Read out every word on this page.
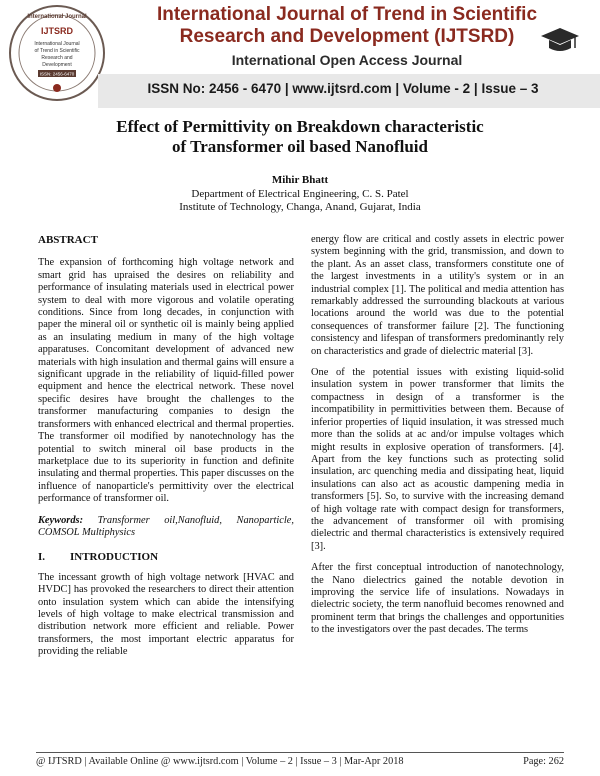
International Journal
IJTSRD
International Journal
of Trend in Scientific
Research and
Development
ISSN: 2456-6470
International Journal of Trend in Scientific
Research and Development (IJTSRD)
International Open Access Journal
ISSN No: 2456 - 6470 | www.ijtsrd.com | Volume - 2 | Issue – 3
Effect of Permittivity on Breakdown characteristic
of Transformer oil based Nanofluid
Mihir Bhatt
Department of Electrical Engineering, C. S. Patel
Institute of Technology, Changa, Anand, Gujarat, India
ABSTRACT

The expansion of forthcoming high voltage network and smart grid has upraised the desires on reliability and performance of insulating materials used in electrical power system to deal with more vigorous and volatile operating conditions. Since from long decades, in conjunction with paper the mineral oil or synthetic oil is mainly being applied as an insulating medium in many of the high voltage apparatuses. Concomitant development of advanced new materials with high insulation and thermal gains will ensure a significant upgrade in the reliability of liquid-filled power equipment and hence the electrical network. These novel specific desires have brought the challenges to the transformer manufacturing companies to design the transformers with enhanced electrical and thermal properties. The transformer oil modified by nanotechnology has the potential to switch mineral oil base products in the marketplace due to its superiority in function and definite insulating and thermal properties. This paper discusses on the influence of nanoparticle's permittivity over the electrical performance of transformer oil.

Keywords: Transformer oil,Nanofluid, Nanoparticle, COMSOL Multiphysics
I. INTRODUCTION

The incessant growth of high voltage network [HVAC and HVDC] has provoked the researchers to direct their attention onto insulation system which can abide the intensifying levels of high voltage to make electrical transmission and distribution network more efficient and reliable. Power transformers, the most important electric apparatus for providing the reliable

energy flow are critical and costly assets in electric power system beginning with the grid, transmission, and down to the plant. As an asset class, transformers constitute one of the largest investments in a utility's system or in an industrial complex [1]. The political and media attention has remarkably addressed the surrounding blackouts at various locations around the world was due to the potential consequences of transformer failure [2]. The functioning consistency and lifespan of transformers predominantly rely on characteristics and grade of dielectric material [3].

One of the potential issues with existing liquid-solid insulation system in power transformer that limits the compactness in design of a transformer is the incompatibility in permittivities between them. Because of inferior properties of liquid insulation, it was stressed much more than the solids at ac and/or impulse voltages which might results in explosive operation of transformers. [4]. Apart from the key functions such as protecting solid insulation, arc quenching media and dissipating heat, liquid insulations can also act as acoustic dampening media in transformers [5]. So, to survive with the increasing demand of high voltage rate with compact design for transformers, the advancement of transformer oil with promising dielectric and thermal characteristics is extensively required [3].

After the first conceptual introduction of nanotechnology, the Nano dielectrics gained the notable devotion in improving the service life of insulations. Nowadays in dielectric society, the term nanofluid becomes renowned and prominent term that brings the challenges and opportunities to the investigators over the past decades. The terms

@ IJTSRD | Available Online @ www.ijtsrd.com | Volume – 2 | Issue – 3 | Mar-Apr 2018	Page: 262
